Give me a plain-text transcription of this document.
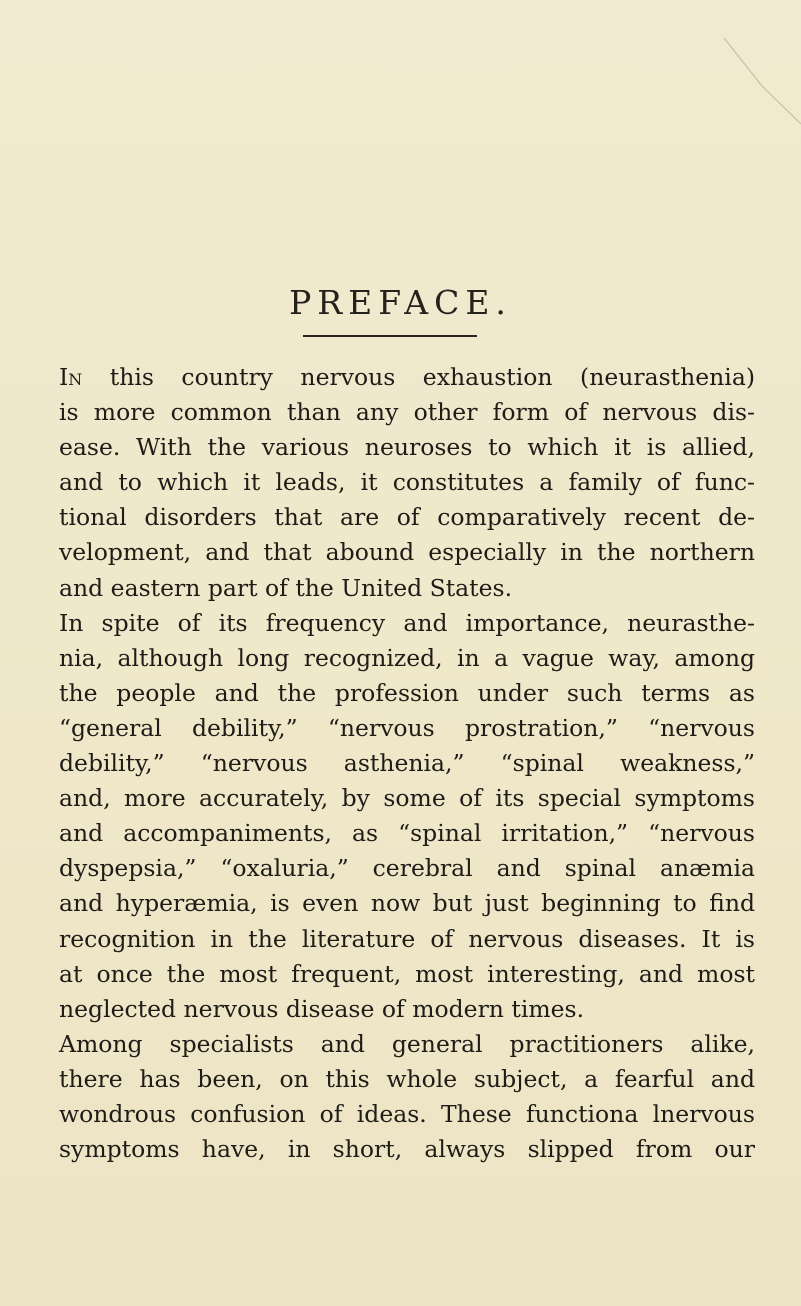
PREFACE.
In this country nervous exhaustion (neurasthenia)
is more common than any other form of nervous dis-
ease. With the various neuroses to which it is allied,
and to which it leads, it constitutes a family of func-
tional disorders that are of comparatively recent de-
velopment, and that abound especially in the northern
and eastern part of the United States.
In spite of its frequency and importance, neurasthe-
nia, although long recognized, in a vague way, among
the people and the profession under such terms as
“general debility,” “nervous prostration,” “nervous
debility,” “nervous asthenia,” “spinal weakness,”
and, more accurately, by some of its special symptoms
and accompaniments, as “spinal irritation,” “nervous
dyspepsia,” “oxaluria,” cerebral and spinal anæmia
and hyperæmia, is even now but just beginning to find
recognition in the literature of nervous diseases. It is
at once the most frequent, most interesting, and most
neglected nervous disease of modern times.
Among specialists and general practitioners alike,
there has been, on this whole subject, a fearful and
wondrous confusion of ideas. These functiona lnervous
symptoms have, in short, always slipped from our
